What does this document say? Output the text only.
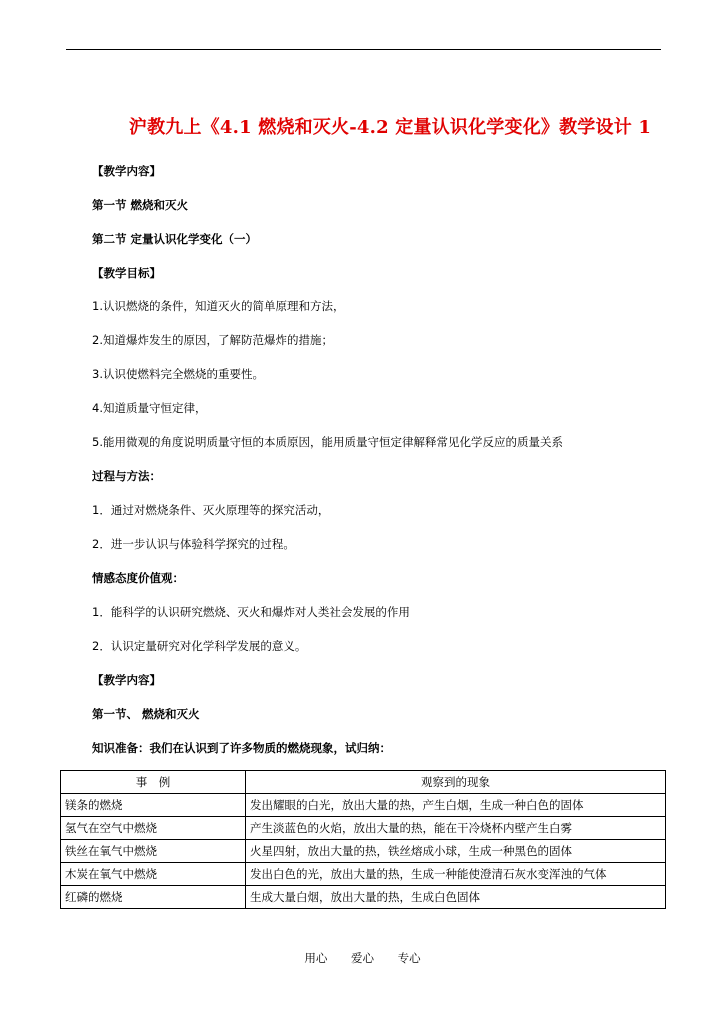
沪教九上《4.1 燃烧和灭火-4.2 定量认识化学变化》教学设计 1
【教学内容】
第一节 燃烧和灭火
第二节 定量认识化学变化（一）
【教学目标】
1.认识燃烧的条件，知道灭火的简单原理和方法，
2.知道爆炸发生的原因，了解防范爆炸的措施；
3.认识使燃料完全燃烧的重要性。
4.知道质量守恒定律，
5.能用微观的角度说明质量守恒的本质原因，能用质量守恒定律解释常见化学反应的质量关系
过程与方法：
1．通过对燃烧条件、灭火原理等的探究活动，
2．进一步认识与体验科学探究的过程。
情感态度价值观：
1．能科学的认识研究燃烧、灭火和爆炸对人类社会发展的作用
2．认识定量研究对化学科学发展的意义。
【教学内容】
第一节、 燃烧和灭火
知识准备：我们在认识到了许多物质的燃烧现象，试归纳：
事　例	观察到的现象
镁条的燃烧	发出耀眼的白光，放出大量的热，产生白烟，生成一种白色的固体
氢气在空气中燃烧	产生淡蓝色的火焰，放出大量的热，能在干冷烧杯内壁产生白雾
铁丝在氧气中燃烧	火星四射，放出大量的热，铁丝熔成小球，生成一种黑色的固体
木炭在氧气中燃烧	发出白色的光，放出大量的热，生成一种能使澄清石灰水变浑浊的气体
红磷的燃烧	生成大量白烟，放出大量的热，生成白色固体
用心 爱心 专心
